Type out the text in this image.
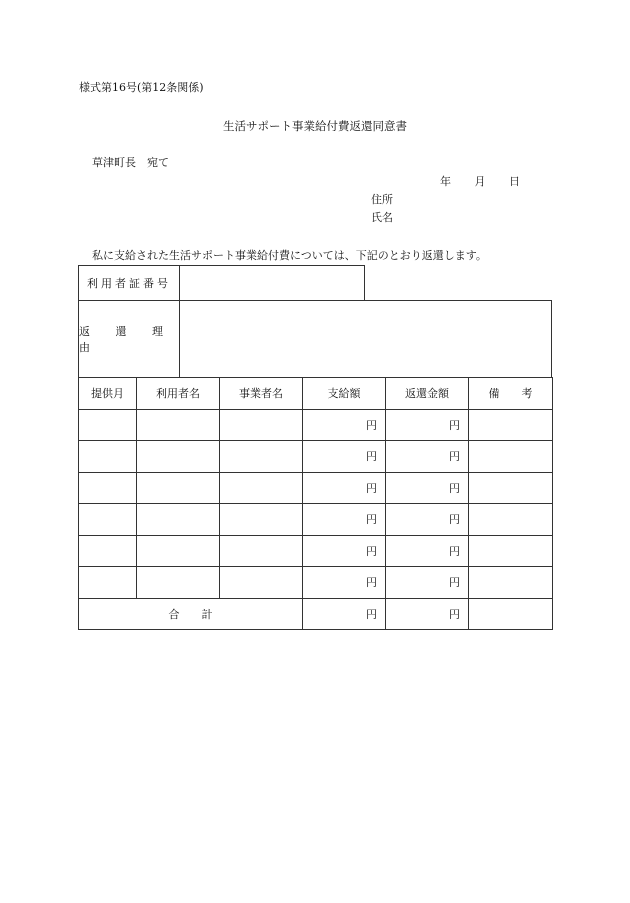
様式第16号(第12条関係)
生活サポート事業給付費返還同意書
草津町長　宛て
年 月 日
住所
氏名
私に支給された生活サポート事業給付費については、下記のとおり返還します。
利用者証番号
返 還 理 由
提供月	利用者名	事業者名	支給額	返還金額	備　　考
			円	円	
			円	円	
			円	円	
			円	円	
			円	円	
			円	円	
合　　計			円	円	
